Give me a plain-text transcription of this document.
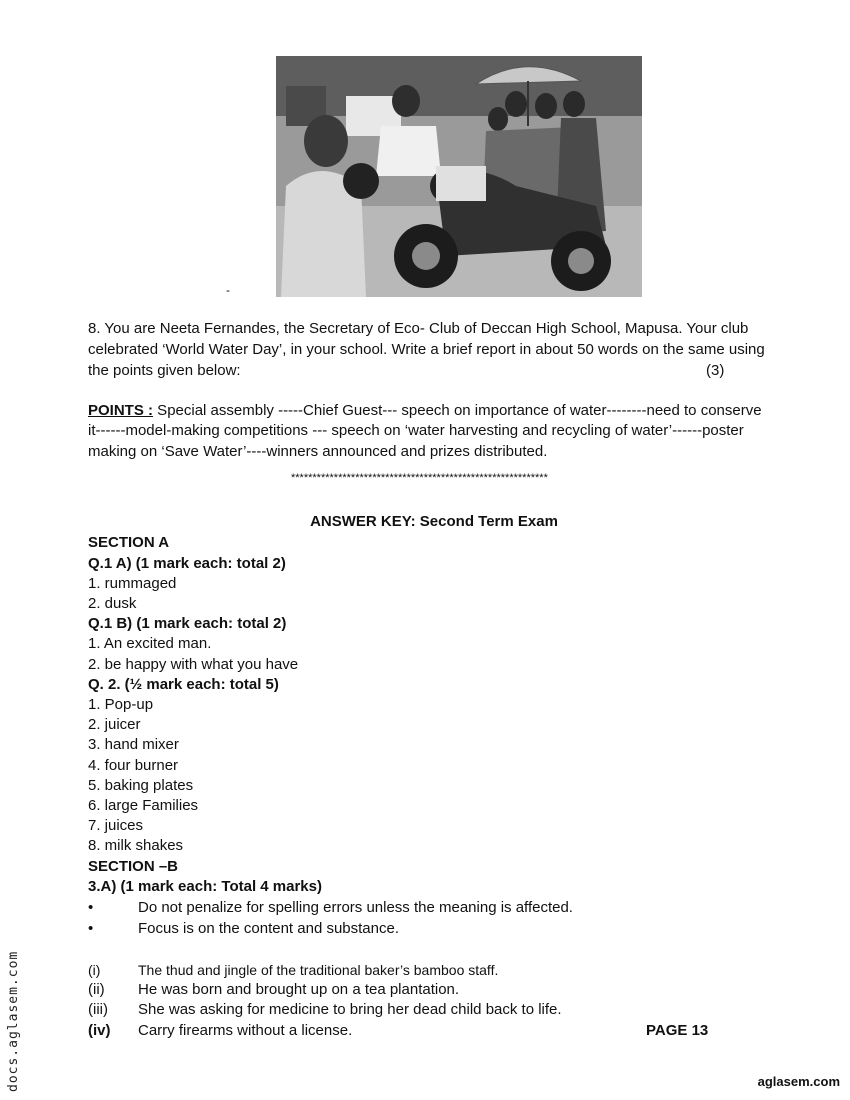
-
8. You are Neeta Fernandes, the Secretary of Eco- Club of Deccan High School, Mapusa. Your club
celebrated ‘World Water Day’, in your school. Write a brief report in about 50 words on the same using
the points given below:	(3)
POINTS : Special assembly -----Chief Guest--- speech on importance of water--------need to conserve
it------model-making competitions --- speech on ‘water harvesting and recycling of water’------poster
making on ‘Save Water’----winners announced and prizes distributed.
************************************************************
ANSWER KEY: Second Term Exam
SECTION A
Q.1 A) (1 mark each: total 2)
1. rummaged
2. dusk
Q.1 B) (1 mark each: total 2)
1. An excited man.
2. be happy with what you have
Q. 2. (½ mark each: total 5)
1. Pop-up
2. juicer
3. hand mixer
4. four burner
5. baking plates
6. large Families
7. juices
8. milk shakes
SECTION –B
3.A) (1 mark each: Total 4 marks)
•	Do not penalize for spelling errors unless the meaning is affected.
•	Focus is on the content and substance.
(i)	The thud and jingle of the traditional baker’s bamboo staff.
(ii) He was born and brought up on a tea plantation.
(iii) She was asking for medicine to bring her dead child back to life.
(iv) Carry firearms without a license.	PAGE 13
docs.aglasem.com	aglasem.com
